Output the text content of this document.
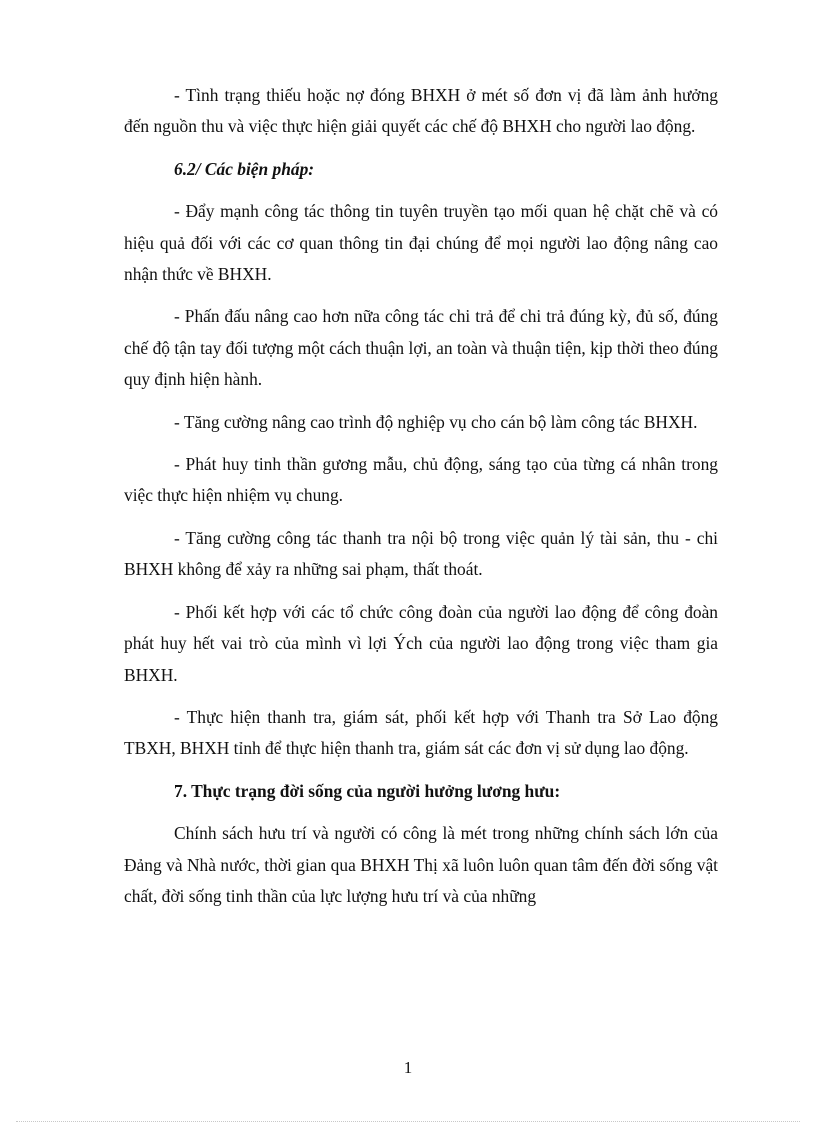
- Tình trạng thiếu hoặc nợ đóng BHXH ở mét số đơn vị đã làm ảnh hưởng đến nguồn thu và việc thực hiện giải quyết các chế độ BHXH cho người lao động.

6.2/ Các biện pháp:

- Đẩy mạnh công tác thông tin tuyên truyền tạo mối quan hệ chặt chẽ và có hiệu quả đối với các cơ quan thông tin đại chúng để mọi người lao động nâng cao nhận thức về BHXH.

- Phấn đấu nâng cao hơn nữa công tác chi trả để chi trả đúng kỳ, đủ số, đúng chế độ tận tay đối tượng một cách thuận lợi, an toàn và thuận tiện, kịp thời theo đúng quy định hiện hành.

- Tăng cường nâng cao trình độ nghiệp vụ cho cán bộ làm công tác BHXH.

- Phát huy tinh thần gương mẫu, chủ động, sáng tạo của từng cá nhân trong việc thực hiện nhiệm vụ chung.

- Tăng cường công tác thanh tra nội bộ trong việc quản lý tài sản, thu - chi BHXH không để xảy ra những sai phạm, thất thoát.

- Phối kết hợp với các tổ chức công đoàn của người lao động để công đoàn phát huy hết vai trò của mình vì lợi Ých của người lao động trong việc tham gia BHXH.

- Thực hiện thanh tra, giám sát, phối kết hợp với Thanh tra Sở Lao động TBXH, BHXH tỉnh để thực hiện thanh tra, giám sát các đơn vị sử dụng lao động.

7. Thực trạng đời sống của người hưởng lương hưu:

Chính sách hưu trí và người có công là mét trong những chính sách lớn của Đảng và Nhà nước, thời gian qua BHXH Thị xã luôn luôn quan tâm đến đời sống vật chất, đời sống tinh thần của lực lượng hưu trí và của những

1
